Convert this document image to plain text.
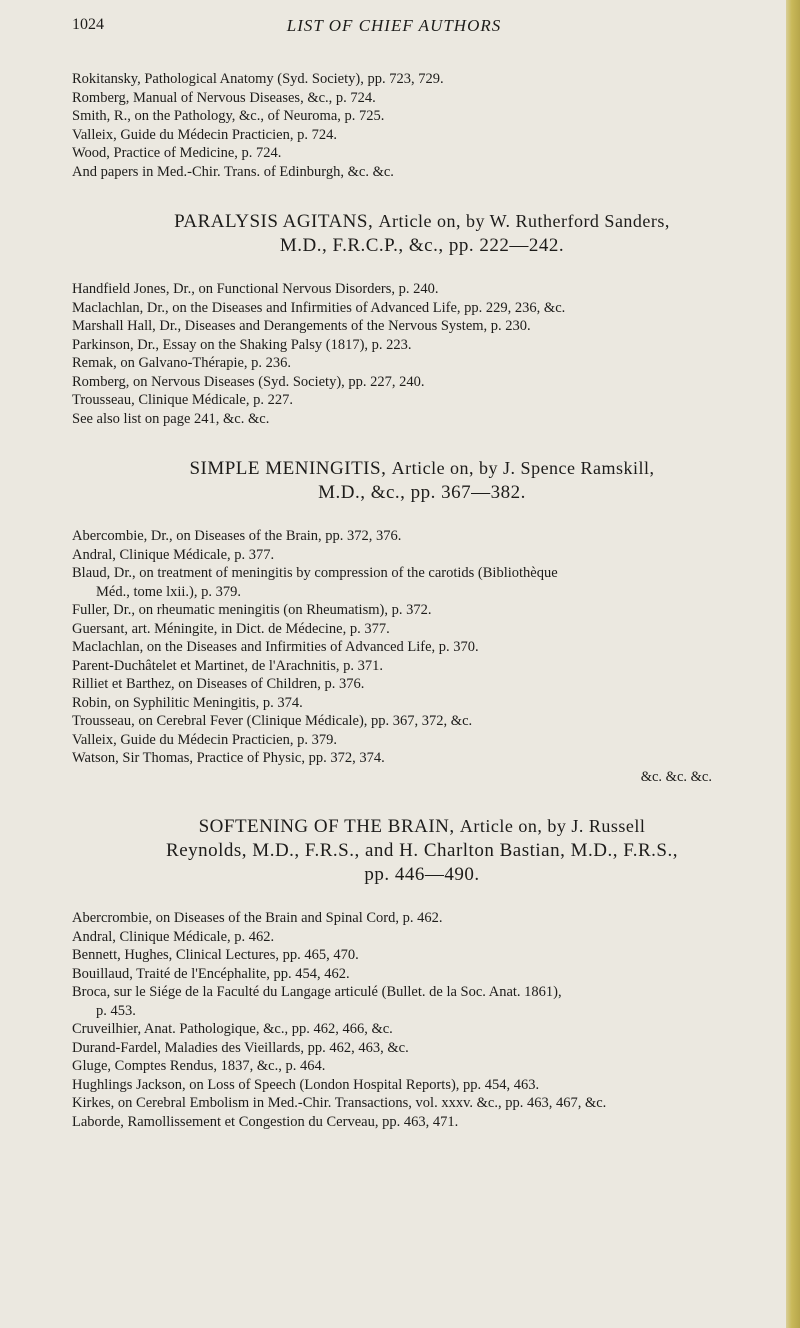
1024	LIST OF CHIEF AUTHORS
Rokitansky, Pathological Anatomy (Syd. Society), pp. 723, 729.
Romberg, Manual of Nervous Diseases, &c., p. 724.
Smith, R., on the Pathology, &c., of Neuroma, p. 725.
Valleix, Guide du Médecin Practicien, p. 724.
Wood, Practice of Medicine, p. 724.
And papers in Med.-Chir. Trans. of Edinburgh, &c. &c.
PARALYSIS AGITANS, Article on, by W. Rutherford Sanders,
M.D., F.R.C.P., &c., pp. 222—242.
Handfield Jones, Dr., on Functional Nervous Disorders, p. 240.
Maclachlan, Dr., on the Diseases and Infirmities of Advanced Life, pp. 229, 236, &c.
Marshall Hall, Dr., Diseases and Derangements of the Nervous System, p. 230.
Parkinson, Dr., Essay on the Shaking Palsy (1817), p. 223.
Remak, on Galvano-Thérapie, p. 236.
Romberg, on Nervous Diseases (Syd. Society), pp. 227, 240.
Trousseau, Clinique Médicale, p. 227.
See also list on page 241, &c. &c.
SIMPLE MENINGITIS, Article on, by J. Spence Ramskill,
M.D., &c., pp. 367—382.
Abercombie, Dr., on Diseases of the Brain, pp. 372, 376.
Andral, Clinique Médicale, p. 377.
Blaud, Dr., on treatment of meningitis by compression of the carotids (Bibliothèque
Méd., tome lxii.), p. 379.
Fuller, Dr., on rheumatic meningitis (on Rheumatism), p. 372.
Guersant, art. Méningite, in Dict. de Médecine, p. 377.
Maclachlan, on the Diseases and Infirmities of Advanced Life, p. 370.
Parent-Duchâtelet et Martinet, de l'Arachnitis, p. 371.
Rilliet et Barthez, on Diseases of Children, p. 376.
Robin, on Syphilitic Meningitis, p. 374.
Trousseau, on Cerebral Fever (Clinique Médicale), pp. 367, 372, &c.
Valleix, Guide du Médecin Practicien, p. 379.
Watson, Sir Thomas, Practice of Physic, pp. 372, 374.
&c. &c. &c.
SOFTENING OF THE BRAIN, Article on, by J. Russell
Reynolds, M.D., F.R.S., and H. Charlton Bastian, M.D., F.R.S.,
pp. 446—490.
Abercrombie, on Diseases of the Brain and Spinal Cord, p. 462.
Andral, Clinique Médicale, p. 462.
Bennett, Hughes, Clinical Lectures, pp. 465, 470.
Bouillaud, Traité de l'Encéphalite, pp. 454, 462.
Broca, sur le Siége de la Faculté du Langage articulé (Bullet. de la Soc. Anat. 1861),
p. 453.
Cruveilhier, Anat. Pathologique, &c., pp. 462, 466, &c.
Durand-Fardel, Maladies des Vieillards, pp. 462, 463, &c.
Gluge, Comptes Rendus, 1837, &c., p. 464.
Hughlings Jackson, on Loss of Speech (London Hospital Reports), pp. 454, 463.
Kirkes, on Cerebral Embolism in Med.-Chir. Transactions, vol. xxxv. &c., pp. 463, 467, &c.
Laborde, Ramollissement et Congestion du Cerveau, pp. 463, 471.
